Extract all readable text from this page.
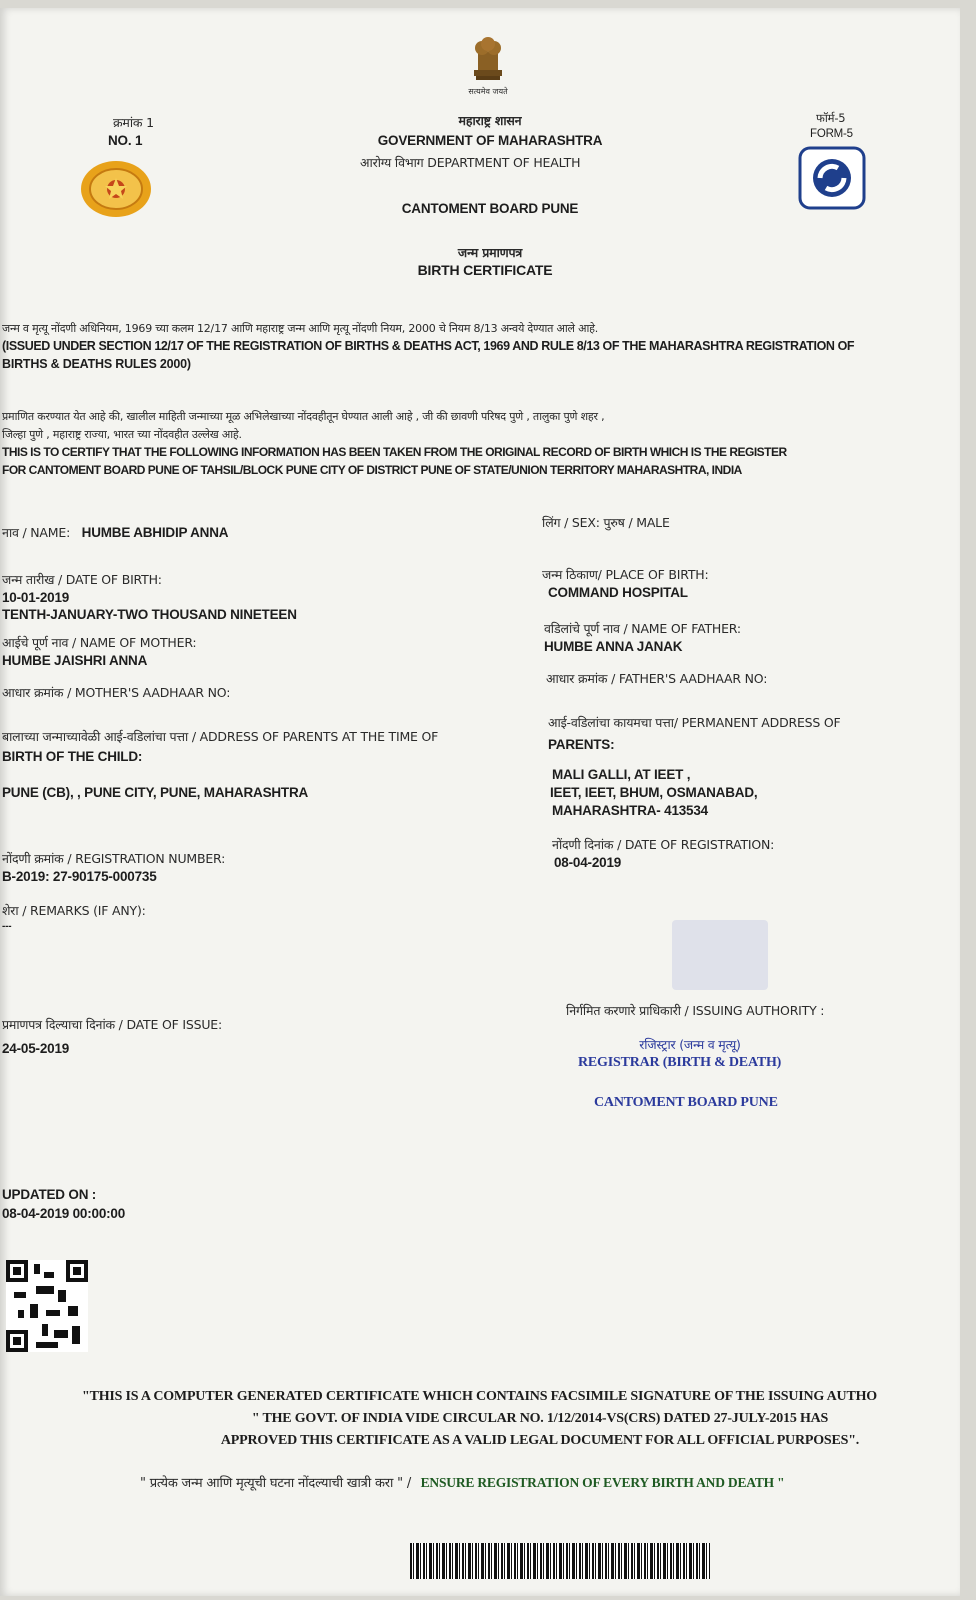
सत्यमेव जयते
क्रमांक 1
NO. 1
महाराष्ट्र शासन
GOVERNMENT OF MAHARASHTRA
आरोग्य विभाग DEPARTMENT OF HEALTH
CANTOMENT BOARD PUNE
जन्म प्रमाणपत्र
BIRTH CERTIFICATE
फॉर्म-5
FORM-5
जन्म व मृत्यू नोंदणी अधिनियम, 1969 च्या कलम 12/17 आणि महाराष्ट्र जन्म आणि मृत्यू नोंदणी नियम, 2000 चे नियम 8/13 अन्वये देण्यात आले आहे.
(ISSUED UNDER SECTION 12/17 OF THE REGISTRATION OF BIRTHS & DEATHS ACT, 1969 AND RULE 8/13 OF THE MAHARASHTRA REGISTRATION OF
BIRTHS & DEATHS RULES 2000)
प्रमाणित करण्यात येत आहे की, खालील माहिती जन्माच्या मूळ अभिलेखाच्या नोंदवहीतून घेण्यात आली आहे , जी की छावणी परिषद पुणे , तालुका पुणे शहर ,
जिल्हा पुणे , महाराष्ट्र राज्या, भारत च्या नोंदवहीत उल्लेख आहे.
THIS IS TO CERTIFY THAT THE FOLLOWING INFORMATION HAS BEEN TAKEN FROM THE ORIGINAL RECORD OF BIRTH WHICH IS THE REGISTER
FOR CANTOMENT BOARD PUNE OF TAHSIL/BLOCK PUNE CITY OF DISTRICT PUNE OF STATE/UNION TERRITORY MAHARASHTRA, INDIA
नाव / NAME: HUMBE ABHIDIP ANNA
जन्म तारीख / DATE OF BIRTH:
10-01-2019
TENTH-JANUARY-TWO THOUSAND NINETEEN
आईचे पूर्ण नाव / NAME OF MOTHER:
HUMBE JAISHRI ANNA
आधार क्रमांक / MOTHER'S AADHAAR NO:
बालाच्या जन्माच्यावेळी आई-वडिलांचा पत्ता / ADDRESS OF PARENTS AT THE TIME OF
BIRTH OF THE CHILD:
PUNE (CB), , PUNE CITY, PUNE, MAHARASHTRA
नोंदणी क्रमांक / REGISTRATION NUMBER:
B-2019: 27-90175-000735
शेरा / REMARKS (IF ANY):
---
प्रमाणपत्र दिल्याचा दिनांक / DATE OF ISSUE:
24-05-2019
UPDATED ON :
08-04-2019 00:00:00
लिंग / SEX: पुरुष / MALE
जन्म ठिकाण/ PLACE OF BIRTH:
COMMAND HOSPITAL
वडिलांचे पूर्ण नाव / NAME OF FATHER:
HUMBE ANNA JANAK
आधार क्रमांक / FATHER'S AADHAAR NO:
आई-वडिलांचा कायमचा पत्ता/ PERMANENT ADDRESS OF
PARENTS:
MALI GALLI, AT IEET ,
IEET, IEET, BHUM, OSMANABAD,
MAHARASHTRA- 413534
नोंदणी दिनांक / DATE OF REGISTRATION:
08-04-2019
निर्गमित करणारे प्राधिकारी / ISSUING AUTHORITY :
रजिस्ट्रार (जन्म व मृत्यू)
REGISTRAR (BIRTH & DEATH)
CANTOMENT BOARD PUNE
"THIS IS A COMPUTER GENERATED CERTIFICATE WHICH CONTAINS FACSIMILE SIGNATURE OF THE ISSUING AUTHO
" THE GOVT. OF INDIA VIDE CIRCULAR NO. 1/12/2014-VS(CRS) DATED 27-JULY-2015 HAS
APPROVED THIS CERTIFICATE AS A VALID LEGAL DOCUMENT FOR ALL OFFICIAL PURPOSES".
" प्रत्येक जन्म आणि मृत्यूची घटना नोंदल्याची खात्री करा " / ENSURE REGISTRATION OF EVERY BIRTH AND DEATH "
